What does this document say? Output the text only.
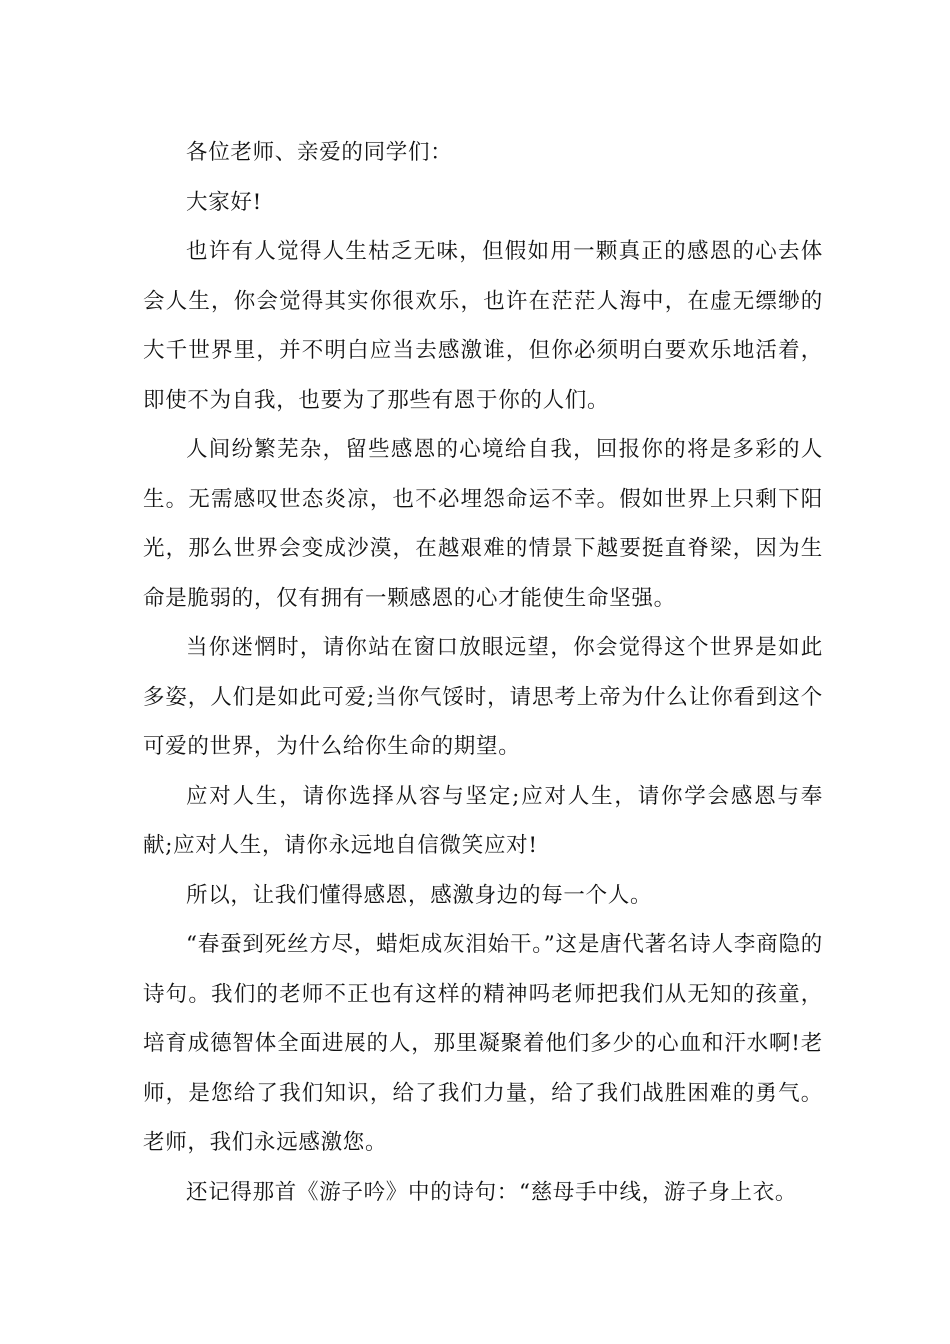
各位老师、亲爱的同学们：

大家好!

也许有人觉得人生枯乏无味，但假如用一颗真正的感恩的心去体会人生，你会觉得其实你很欢乐，也许在茫茫人海中，在虚无缥缈的大千世界里，并不明白应当去感激谁，但你必须明白要欢乐地活着，即使不为自我，也要为了那些有恩于你的人们。

人间纷繁芜杂，留些感恩的心境给自我，回报你的将是多彩的人生。无需感叹世态炎凉，也不必埋怨命运不幸。假如世界上只剩下阳光，那么世界会变成沙漠，在越艰难的情景下越要挺直脊梁，因为生命是脆弱的，仅有拥有一颗感恩的心才能使生命坚强。

当你迷惘时，请你站在窗口放眼远望，你会觉得这个世界是如此多姿，人们是如此可爱;当你气馁时，请思考上帝为什么让你看到这个可爱的世界，为什么给你生命的期望。

应对人生，请你选择从容与坚定;应对人生，请你学会感恩与奉献;应对人生，请你永远地自信微笑应对!

所以，让我们懂得感恩，感激身边的每一个人。

“春蚕到死丝方尽，蜡炬成灰泪始干。”这是唐代著名诗人李商隐的诗句。我们的老师不正也有这样的精神吗老师把我们从无知的孩童，培育成德智体全面进展的人，那里凝聚着他们多少的心血和汗水啊!老师，是您给了我们知识，给了我们力量，给了我们战胜困难的勇气。老师，我们永远感激您。

还记得那首《游子吟》中的诗句：“慈母手中线，游子身上衣。
